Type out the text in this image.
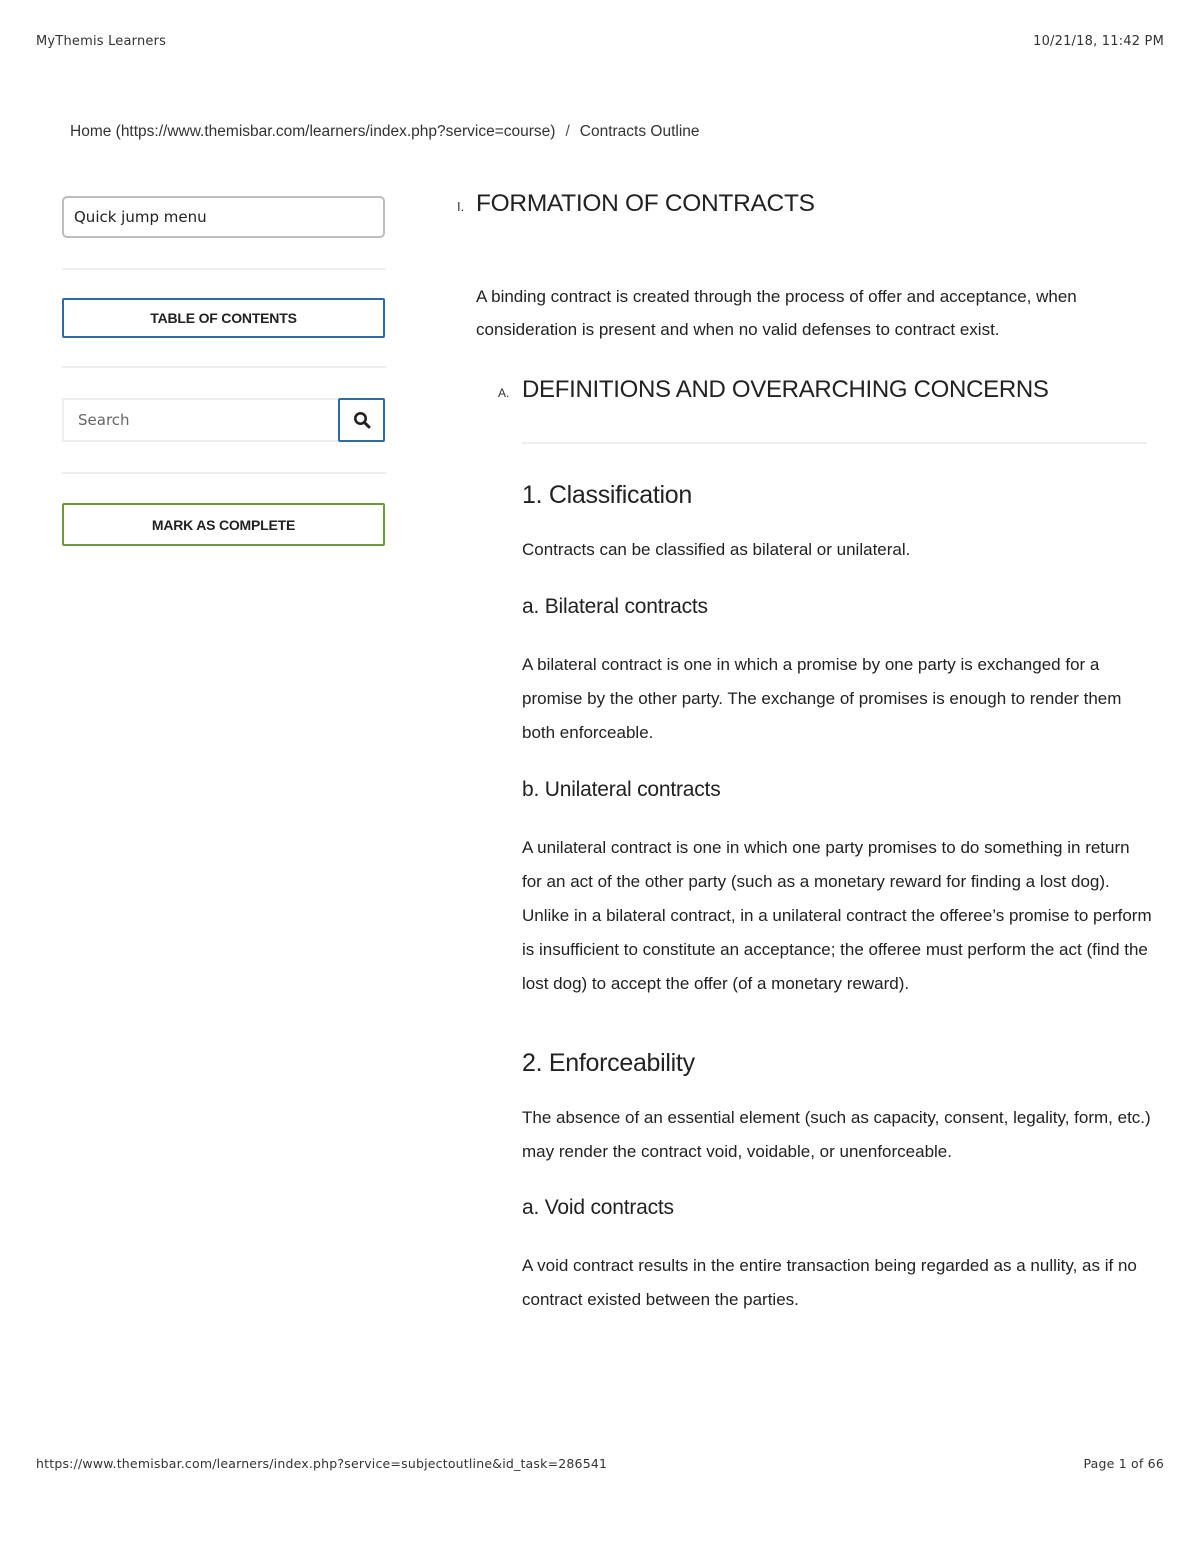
MyThemis Learners	10/21/18, 11:42 PM
Home (https://www.themisbar.com/learners/index.php?service=course) / Contracts Outline
Quick jump menu
TABLE OF CONTENTS
Search
MARK AS COMPLETE
I. FORMATION OF CONTRACTS

A binding contract is created through the process of offer and acceptance, when consideration is present and when no valid defenses to contract exist.

A. DEFINITIONS AND OVERARCHING CONCERNS
1. Classification

Contracts can be classified as bilateral or unilateral.

a. Bilateral contracts

A bilateral contract is one in which a promise by one party is exchanged for a promise by the other party. The exchange of promises is enough to render them both enforceable.

b. Unilateral contracts

A unilateral contract is one in which one party promises to do something in return for an act of the other party (such as a monetary reward for finding a lost dog). Unlike in a bilateral contract, in a unilateral contract the offeree’s promise to perform is insufficient to constitute an acceptance; the offeree must perform the act (find the lost dog) to accept the offer (of a monetary reward).

2. Enforceability

The absence of an essential element (such as capacity, consent, legality, form, etc.) may render the contract void, voidable, or unenforceable.

a. Void contracts

A void contract results in the entire transaction being regarded as a nullity, as if no contract existed between the parties.

https://www.themisbar.com/learners/index.php?service=subjectoutline&id_task=286541	Page 1 of 66
